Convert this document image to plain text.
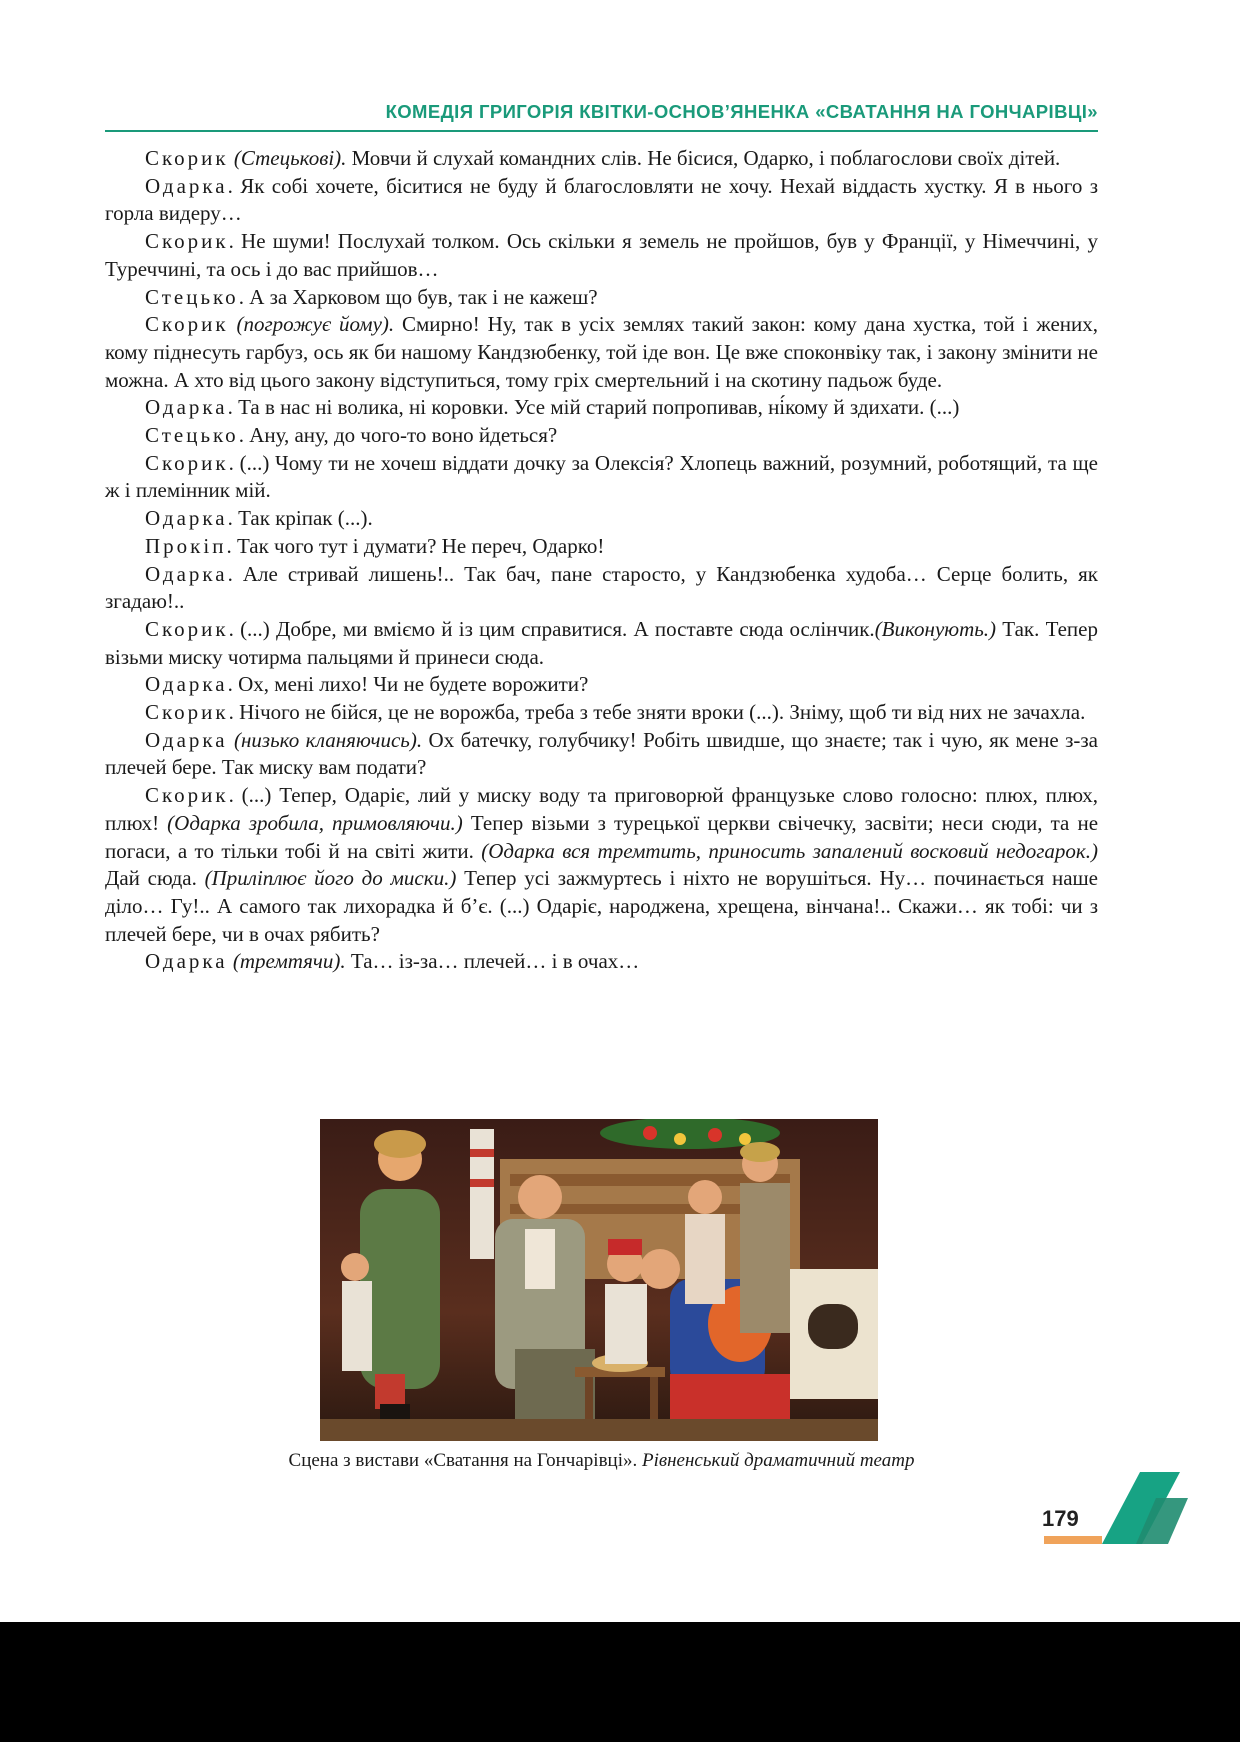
КОМЕДІЯ ГРИГОРІЯ КВІТКИ-ОСНОВ’ЯНЕНКА «СВАТАННЯ НА ГОНЧАРІВЦІ»

Скорик (Стецькові). Мовчи й слухай командних слів. Не бісися, Одарко, і поблагослови своїх дітей.

Одарка. Як собі хочете, біситися не буду й благословляти не хочу. Нехай віддасть хустку. Я в нього з горла видеру…

Скорик. Не шуми! Послухай толком. Ось скільки я земель не пройшов, був у Франції, у Німеччині, у Туреччині, та ось і до вас прийшов…

Стецько. А за Харковом що був, так і не кажеш?

Скорик (погрожує йому). Смирно! Ну, так в усіх землях такий закон: кому дана хустка, той і жених, кому піднесуть гарбуз, ось як би нашому Кандзюбенку, той іде вон. Це вже споконвіку так, і закону змінити не можна. А хто від цього закону відступиться, тому гріх смертельний і на скотину падьож буде.

Одарка. Та в нас ні волика, ні коровки. Усе мій старий попропивав, ні́кому й здихати. (...)

Стецько. Ану, ану, до чого-то воно йдеться?

Скорик. (...) Чому ти не хочеш віддати дочку за Олексія? Хлопець важний, розумний, роботящий, та ще ж і племінник мій.

Одарка. Так кріпак (...).

Прокіп. Так чого тут і думати? Не переч, Одарко!

Одарка. Але стривай лишень!.. Так бач, пане старосто, у Кандзюбенка худоба… Серце болить, як згадаю!..

Скорик. (...) Добре, ми вміємо й із цим справитися. А поставте сюда ослінчик.(Виконують.) Так. Тепер візьми миску чотирма пальцями й принеси сюда.

Одарка. Ох, мені лихо! Чи не будете ворожити?

Скорик. Нічого не бійся, це не ворожба, треба з тебе зняти вроки (...). Зніму, щоб ти від них не зачахла.

Одарка (низько кланяючись). Ох батечку, голубчику! Робіть швидше, що знаєте; так і чую, як мене з-за плечей бере. Так миску вам подати?

Скорик. (...) Тепер, Одаріє, лий у миску воду та приговорюй французьке слово голосно: плюх, плюх, плюх! (Одарка зробила, примовляючи.) Тепер візьми з турецької церкви свічечку, засвіти; неси сюди, та не погаси, а то тільки тобі й на світі жити. (Одарка вся тремтить, приносить запалений восковий недогарок.) Дай сюда. (Приліплює його до миски.) Тепер усі зажмуртесь і ніхто не ворушіться. Ну… починається наше діло… Гу!.. А самого так лихорадка й б’є. (...) Одаріє, народжена, хрещена, вінчана!.. Скажи… як тобі: чи з плечей бере, чи в очах рябить?

Одарка (тремтячи). Та… із-за… плечей… і в очах…

Сцена з вистави «Сватання на Гончарівці». Рівненський драматичний театр
179
